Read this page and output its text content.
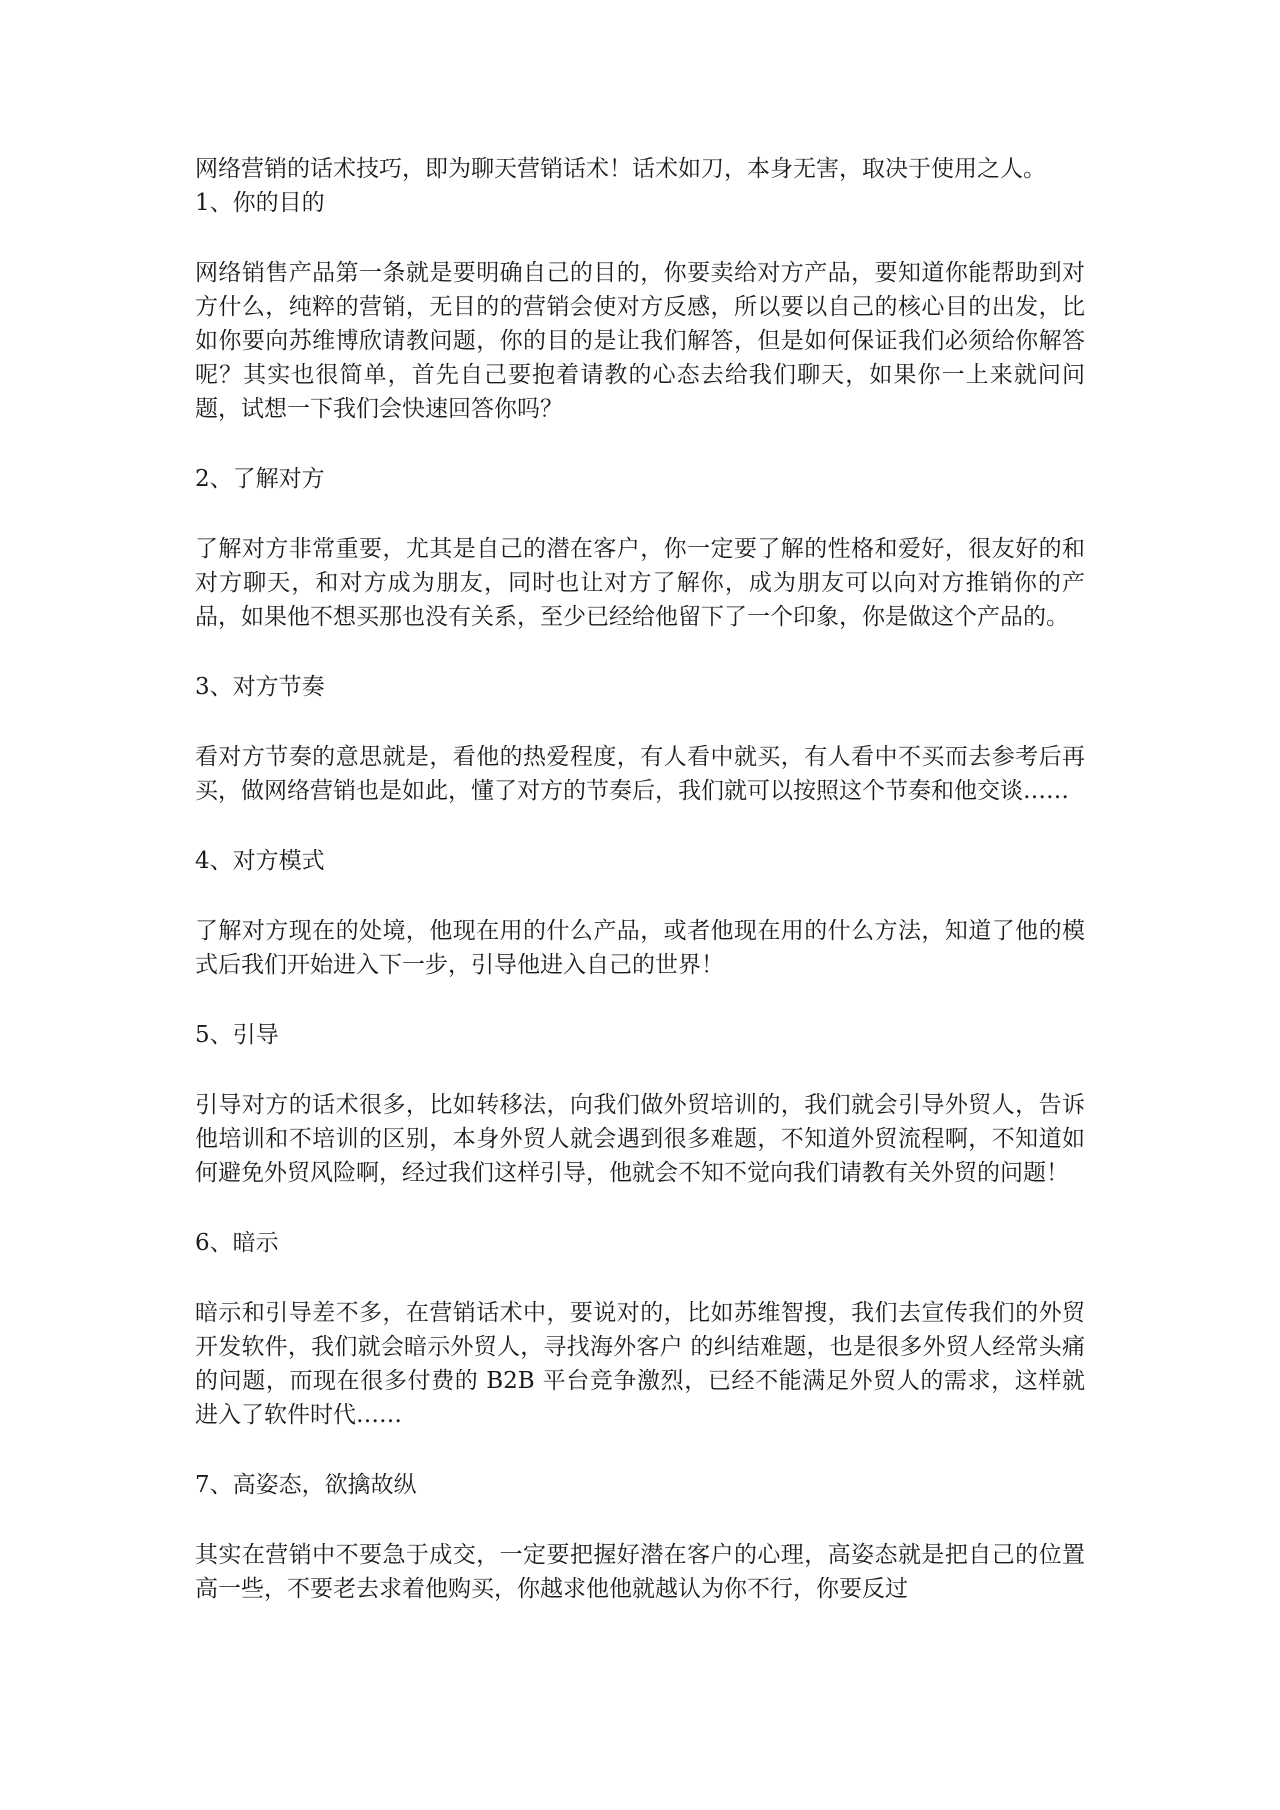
网络营销的话术技巧，即为聊天营销话术！话术如刀，本身无害，取决于使用之人。

1、你的目的

网络销售产品第一条就是要明确自己的目的，你要卖给对方产品，要知道你能帮助到对方什么，纯粹的营销，无目的的营销会使对方反感，所以要以自己的核心目的出发，比如你要向苏维博欣请教问题，你的目的是让我们解答，但是如何保证我们必须给你解答呢？其实也很简单，首先自己要抱着请教的心态去给我们聊天，如果你一上来就问问题，试想一下我们会快速回答你吗？

2、了解对方

了解对方非常重要，尤其是自己的潜在客户，你一定要了解的性格和爱好，很友好的和对方聊天，和对方成为朋友，同时也让对方了解你，成为朋友可以向对方推销你的产品，如果他不想买那也没有关系，至少已经给他留下了一个印象，你是做这个产品的。

3、对方节奏

看对方节奏的意思就是，看他的热爱程度，有人看中就买，有人看中不买而去参考后再买，做网络营销也是如此，懂了对方的节奏后，我们就可以按照这个节奏和他交谈……

4、对方模式

了解对方现在的处境，他现在用的什么产品，或者他现在用的什么方法，知道了他的模式后我们开始进入下一步，引导他进入自己的世界！

5、引导

引导对方的话术很多，比如转移法，向我们做外贸培训的，我们就会引导外贸人，告诉他培训和不培训的区别，本身外贸人就会遇到很多难题，不知道外贸流程啊，不知道如何避免外贸风险啊，经过我们这样引导，他就会不知不觉向我们请教有关外贸的问题！

6、暗示

暗示和引导差不多，在营销话术中，要说对的，比如苏维智搜，我们去宣传我们的外贸开发软件，我们就会暗示外贸人，寻找海外客户 的纠结难题，也是很多外贸人经常头痛的问题，而现在很多付费的 B2B 平台竞争激烈，已经不能满足外贸人的需求，这样就进入了软件时代……

7、高姿态，欲擒故纵

其实在营销中不要急于成交，一定要把握好潜在客户的心理，高姿态就是把自己的位置高一些，不要老去求着他购买，你越求他他就越认为你不行，你要反过
